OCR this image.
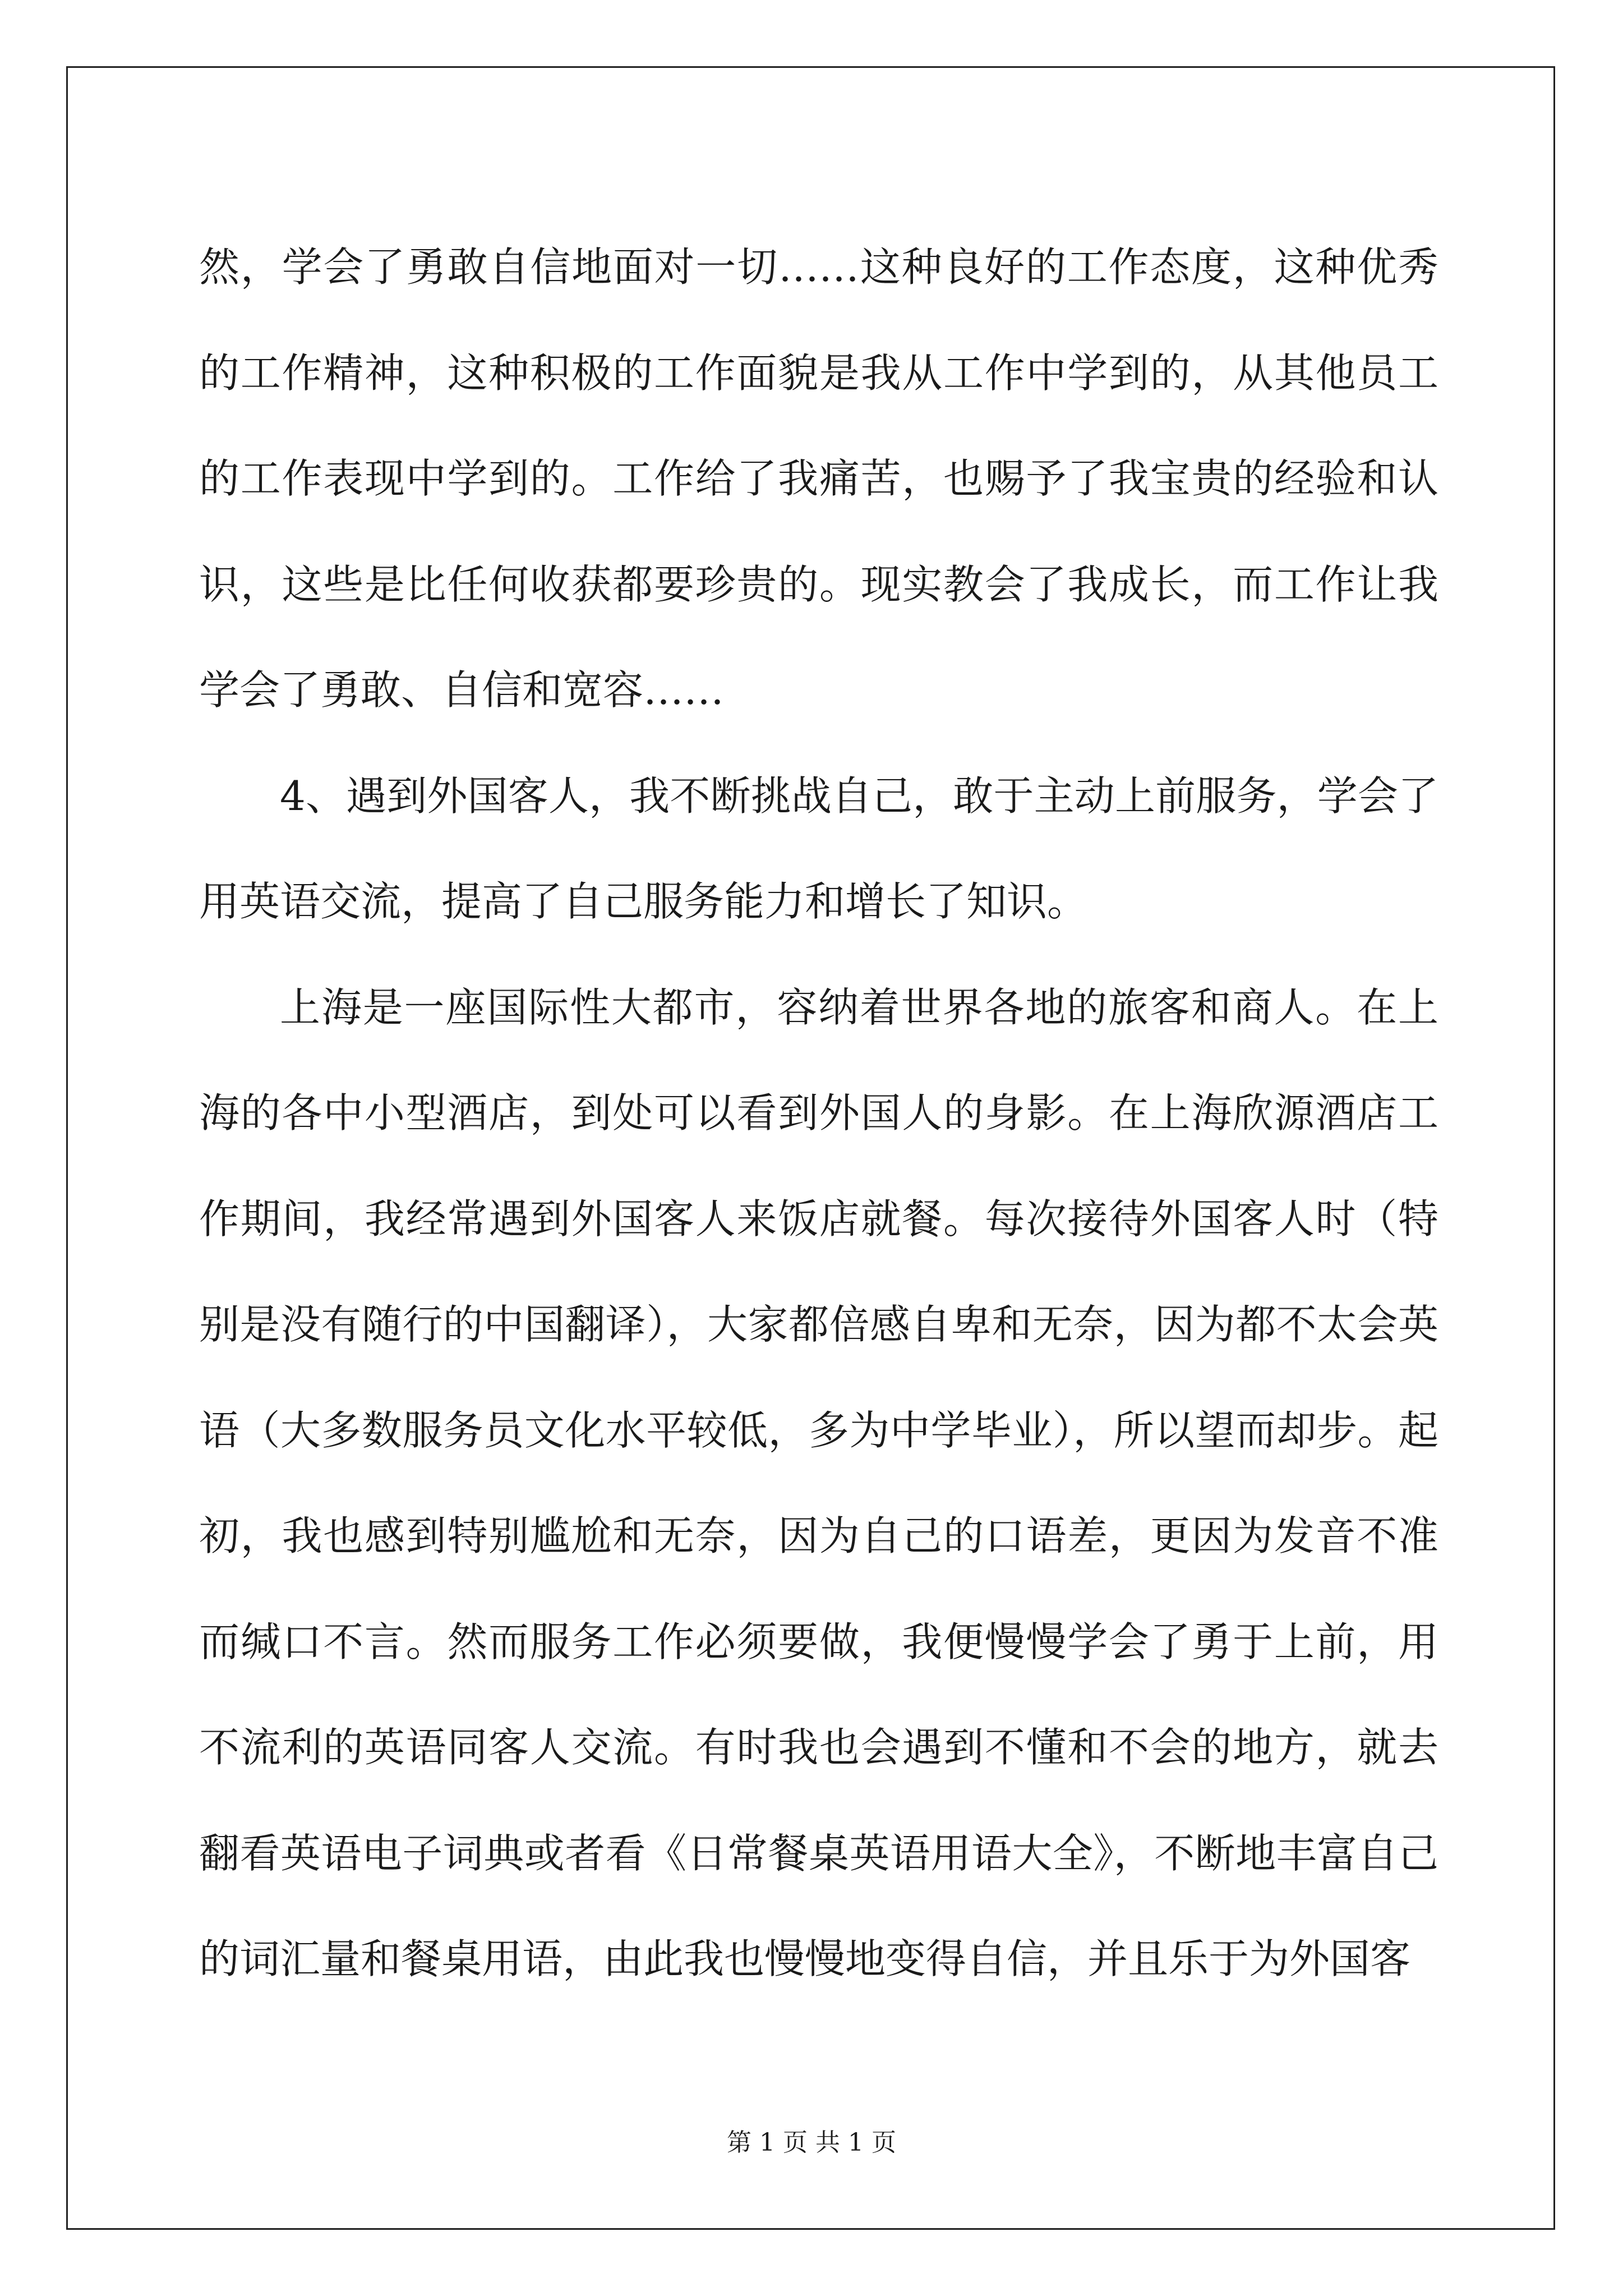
然，学会了勇敢自信地面对一切……这种良好的工作态度，这种优秀的工作精神，这种积极的工作面貌是我从工作中学到的，从其他员工的工作表现中学到的。工作给了我痛苦，也赐予了我宝贵的经验和认识，这些是比任何收获都要珍贵的。现实教会了我成长，而工作让我学会了勇敢、自信和宽容……

4、遇到外国客人，我不断挑战自己，敢于主动上前服务，学会了用英语交流，提高了自己服务能力和增长了知识。

上海是一座国际性大都市，容纳着世界各地的旅客和商人。在上海的各中小型酒店，到处可以看到外国人的身影。在上海欣源酒店工作期间，我经常遇到外国客人来饭店就餐。每次接待外国客人时（特别是没有随行的中国翻译），大家都倍感自卑和无奈，因为都不太会英语（大多数服务员文化水平较低，多为中学毕业），所以望而却步。起初，我也感到特别尴尬和无奈，因为自己的口语差，更因为发音不准而缄口不言。然而服务工作必须要做，我便慢慢学会了勇于上前，用不流利的英语同客人交流。有时我也会遇到不懂和不会的地方，就去翻看英语电子词典或者看《日常餐桌英语用语大全》，不断地丰富自己的词汇量和餐桌用语，由此我也慢慢地变得自信，并且乐于为外国客

第 1 页 共 1 页
